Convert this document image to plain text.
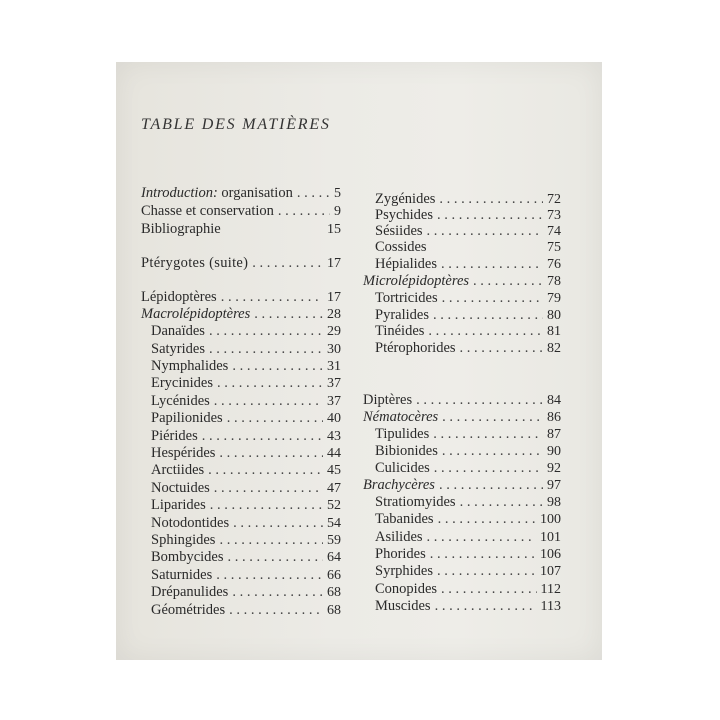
TABLE DES MATIÈRES
Introduction: organisation . . .	5
Chasse et conservation . . .	9
Bibliographie	15
Ptérygotes (suite) . . .	17
Lépidoptères . . .	17
Macrolépidoptères . . .	28
Danaïdes . . .	29
Satyrides . . .	30
Nymphalides . . .	31
Erycinides . . .	37
Lycénides . . .	37
Papilionides . . .	40
Piérides . . .	43
Hespérides . . .	44
Arctiides . . .	45
Noctuides . . .	47
Liparides . . .	52
Notodontides . . .	54
Sphingides . . .	59
Bombycides . . .	64
Saturnides . . .	66
Drépanulides . . .	68
Géométrides . . .	68
Zygénides . . .	72
Psychides . . .	73
Sésiides . . .	74
Cossides	75
Hépialides . . .	76
Microlépidoptères . . .	78
Tortricides . . .	79
Pyralides . . .	80
Tinéides . . .	81
Ptérophorides . . .	82
Diptères . . .	84
Nématocères . . .	86
Tipulides . . .	87
Bibionides . . .	90
Culicides . . .	92
Brachycères . . .	97
Stratiomyides . . .	98
Tabanides . . .	100
Asilides . . .	101
Phorides . . .	106
Syrphides . . .	107
Conopides . . .	112
Muscides . . .	113
